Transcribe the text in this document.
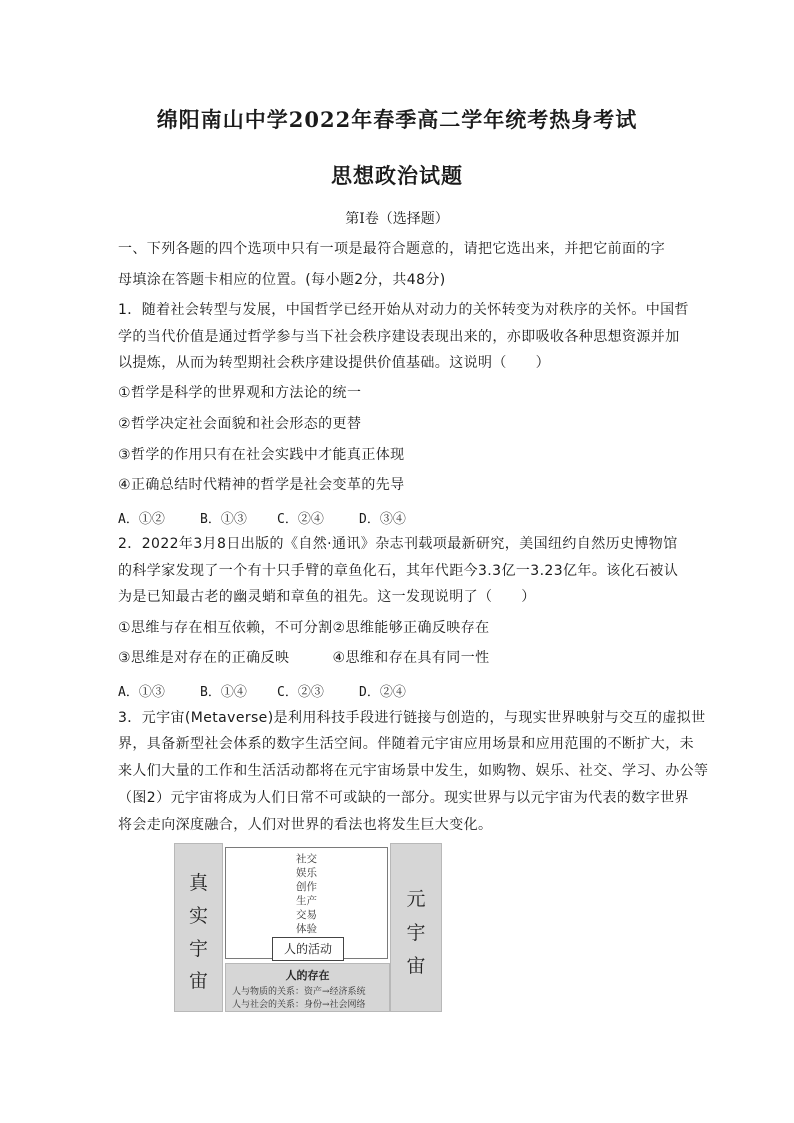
绵阳南山中学2022年春季高二学年统考热身考试
思想政治试题
第Ⅰ卷（选择题）
一、下列各题的四个选项中只有一项是最符合题意的，请把它选出来，并把它前面的字
母填涂在答题卡相应的位置。(每小题2分，共48分)
1．随着社会转型与发展，中国哲学已经开始从对动力的关怀转变为对秩序的关怀。中国哲
学的当代价值是通过哲学参与当下社会秩序建设表现出来的，亦即吸收各种思想资源并加
以提炼，从而为转型期社会秩序建设提供价值基础。这说明（　　）
①哲学是科学的世界观和方法论的统一
②哲学决定社会面貌和社会形态的更替
③哲学的作用只有在社会实践中才能真正体现
④正确总结时代精神的哲学是社会变革的先导
A．①②	B．①③ C．②④	D．③④
2．2022年3月8日出版的《自然·通讯》杂志刊载项最新研究，美国纽约自然历史博物馆
的科学家发现了一个有十只手臂的章鱼化石，其年代距今3.3亿一3.23亿年。该化石被认
为是已知最古老的幽灵蛸和章鱼的祖先。这一发现说明了（　　）
①思维与存在相互依赖，不可分割②思维能够正确反映存在
③思维是对存在的正确反映　　　④思维和存在具有同一性
A．①③	B．①④ C．②③	D．②④
3．元宇宙(Metaverse)是利用科技手段进行链接与创造的，与现实世界映射与交互的虚拟世
界，具备新型社会体系的数字生活空间。伴随着元宇宙应用场景和应用范围的不断扩大，未
来人们大量的工作和生活活动都将在元宇宙场景中发生，如购物、娱乐、社交、学习、办公等
（图2）元宇宙将成为人们日常不可或缺的一部分。现实世界与以元宇宙为代表的数字世界
将会走向深度融合，人们对世界的看法也将发生巨大变化。
真
实
宇
宙
社交
娱乐
创作
生产
交易
体验
人的活动
人的存在
人与物质的关系：资产→经济系统
人与社会的关系：身份→社会网络
元
宇
宙
